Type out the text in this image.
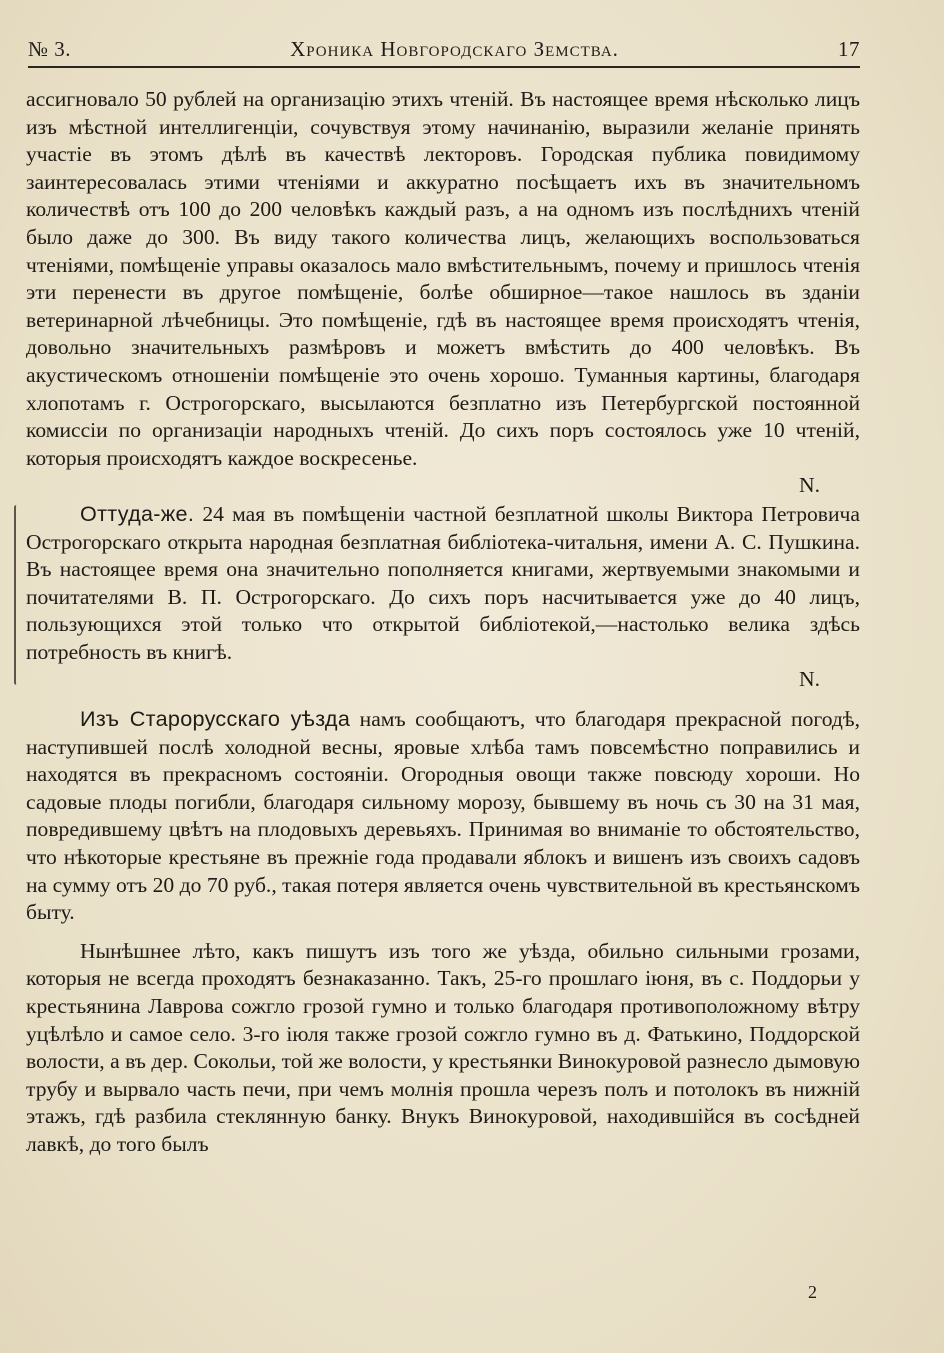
№ 3.	Хроника Новгородскаго Земства.	17

ассигновало 50 рублей на организацію этихъ чтеній. Въ настоящее время нѣсколько лицъ изъ мѣстной интеллигенціи, сочувствуя этому начинанію, выразили желаніе принять участіе въ этомъ дѣлѣ въ качествѣ лекторовъ. Городская публика повидимому заинтересовалась этими чтеніями и аккуратно посѣщаетъ ихъ въ значительномъ количествѣ отъ 100 до 200 человѣкъ каждый разъ, а на одномъ изъ послѣднихъ чтеній было даже до 300. Въ виду такого количества лицъ, желающихъ воспользоваться чтеніями, помѣщеніе управы оказалось мало вмѣстительнымъ, почему и пришлось чтенія эти перенести въ другое помѣщеніе, болѣе обширное—такое нашлось въ зданіи ветеринарной лѣчебницы. Это помѣщеніе, гдѣ въ настоящее время происходятъ чтенія, довольно значительныхъ размѣровъ и можетъ вмѣстить до 400 человѣкъ. Въ акустическомъ отношеніи помѣщеніе это очень хорошо. Туманныя картины, благодаря хлопотамъ г. Острогорскаго, высылаются безплатно изъ Петербургской постоянной комиссіи по организаціи народныхъ чтеній. До сихъ поръ состоялось уже 10 чтеній, которыя происходятъ каждое воскресенье.

N.

Оттуда-же. 24 мая въ помѣщеніи частной безплатной школы Виктора Петровича Острогорскаго открыта народная безплатная библіотека-читальня, имени А. С. Пушкина. Въ настоящее время она значительно пополняется книгами, жертвуемыми знакомыми и почитателями В. П. Острогорскаго. До сихъ поръ насчитывается уже до 40 лицъ, пользующихся этой только что открытой библіотекой,—настолько велика здѣсь потребность въ книгѣ.

N.

Изъ Старорусскаго уѣзда намъ сообщаютъ, что благодаря прекрасной погодѣ, наступившей послѣ холодной весны, яровые хлѣба тамъ повсемѣстно поправились и находятся въ прекрасномъ состояніи. Огородныя овощи также повсюду хороши. Но садовые плоды погибли, благодаря сильному морозу, бывшему въ ночь съ 30 на 31 мая, повредившему цвѣтъ на плодовыхъ деревьяхъ. Принимая во вниманіе то обстоятельство, что нѣкоторые крестьяне въ прежніе года продавали яблокъ и вишенъ изъ своихъ садовъ на сумму отъ 20 до 70 руб., такая потеря является очень чувствительной въ крестьянскомъ быту.

Нынѣшнее лѣто, какъ пишутъ изъ того же уѣзда, обильно сильными грозами, которыя не всегда проходятъ безнаказанно. Такъ, 25-го прошлаго іюня, въ с. Поддорьи у крестьянина Лаврова сожгло грозой гумно и только благодаря противоположному вѣтру уцѣлѣло и самое село. 3-го іюля также грозой сожгло гумно въ д. Фатькино, Поддорской волости, а въ дер. Сокольи, той же волости, у крестьянки Винокуровой разнесло дымовую трубу и вырвало часть печи, при чемъ молнія прошла черезъ полъ и потолокъ въ нижній этажъ, гдѣ разбила стеклянную банку. Внукъ Винокуровой, находившійся въ сосѣдней лавкѣ, до того былъ

2
